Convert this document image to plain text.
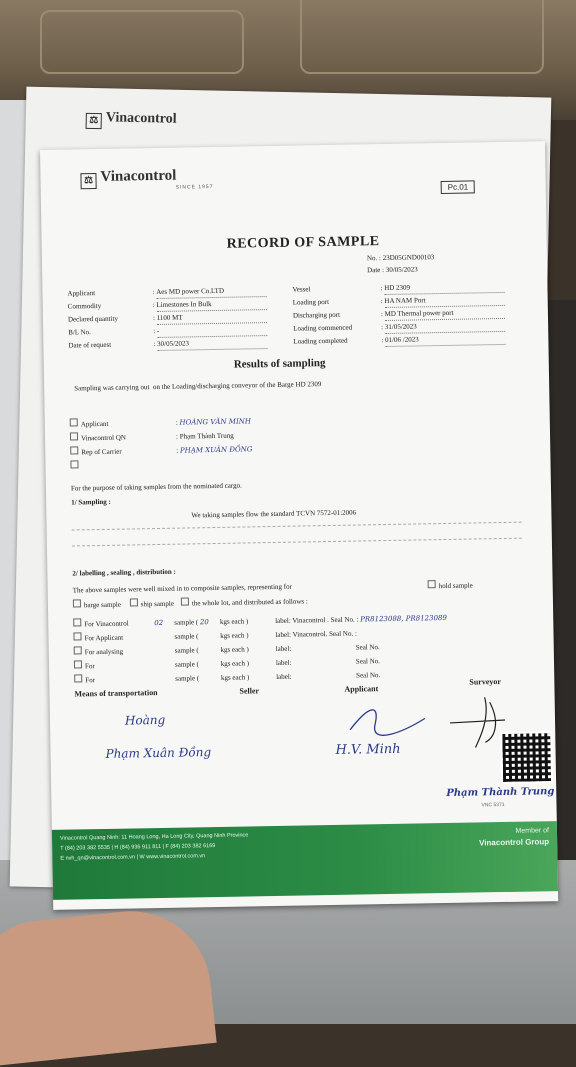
⚖ Vinacontrol
⚖ Vinacontrol
SINCE 1957	Pc.01
RECORD OF SAMPLE
No. : 23D05GND00103
Date : 30/05/2023
Applicant	: Aes MD power Co.LTD
Commodity	: Limestones In Bulk
Declared quantity	: 1100 MT
B/L No.	: -
Date of request	: 30/05/2023
Vessel	: HD 2309
Loading port	: HA NAM Port
Discharging port	: MD Thermal power port
Loading commenced	: 31/05/2023
Loading completed	: 01/06 /2023
Results of sampling
Sampling was carrying out on the Loading/discharging conveyor of the Barge HD 2309
Applicant	: HOÀNG VĂN MINH
Vinacontrol QN	: Phạm Thành Trung
Rep of Carrier	: PHẠM XUÂN ĐỒNG
For the purpose of taking samples from the nominated cargo.
1/ Sampling :
We taking samples flow the standard TCVN 7572-01:2006
2/ labelling , sealing , distribution :
The above samples were well mixed in to composite samples, representing for	hold sample
barge sample	ship sample	the whole lot, and distributed as follows :
For Vinacontrol	02 sample ( 20 kgs each )	label: Vinacontrol . Seal No. : PR8123088, PR8123089
For Applicant	sample (	kgs each )	label: Vinacontrol. Seal No. :
For analysing	sample (	kgs each )	label:	Seal No.
For	sample (	kgs each )	label:	Seal No.
For	sample (	kgs each )	label:	Seal No.
Means of transportation	Seller	Applicant
Surveyor
Hoàng
Phạm Xuân Đồng	H.V. Minh
Phạm Thành Trung
VNC 5371
Vinacontrol Quang Ninh: 11 Hoang Long, Ha Long City, Quang Ninh Province
T (84) 203 382 5535 | H (84) 936 911 811 | F (84) 203 382 6169
E nvh_qn@vinacontrol.com.vn | W www.vinacontrol.com.vn
Member of
Vinacontrol Group
